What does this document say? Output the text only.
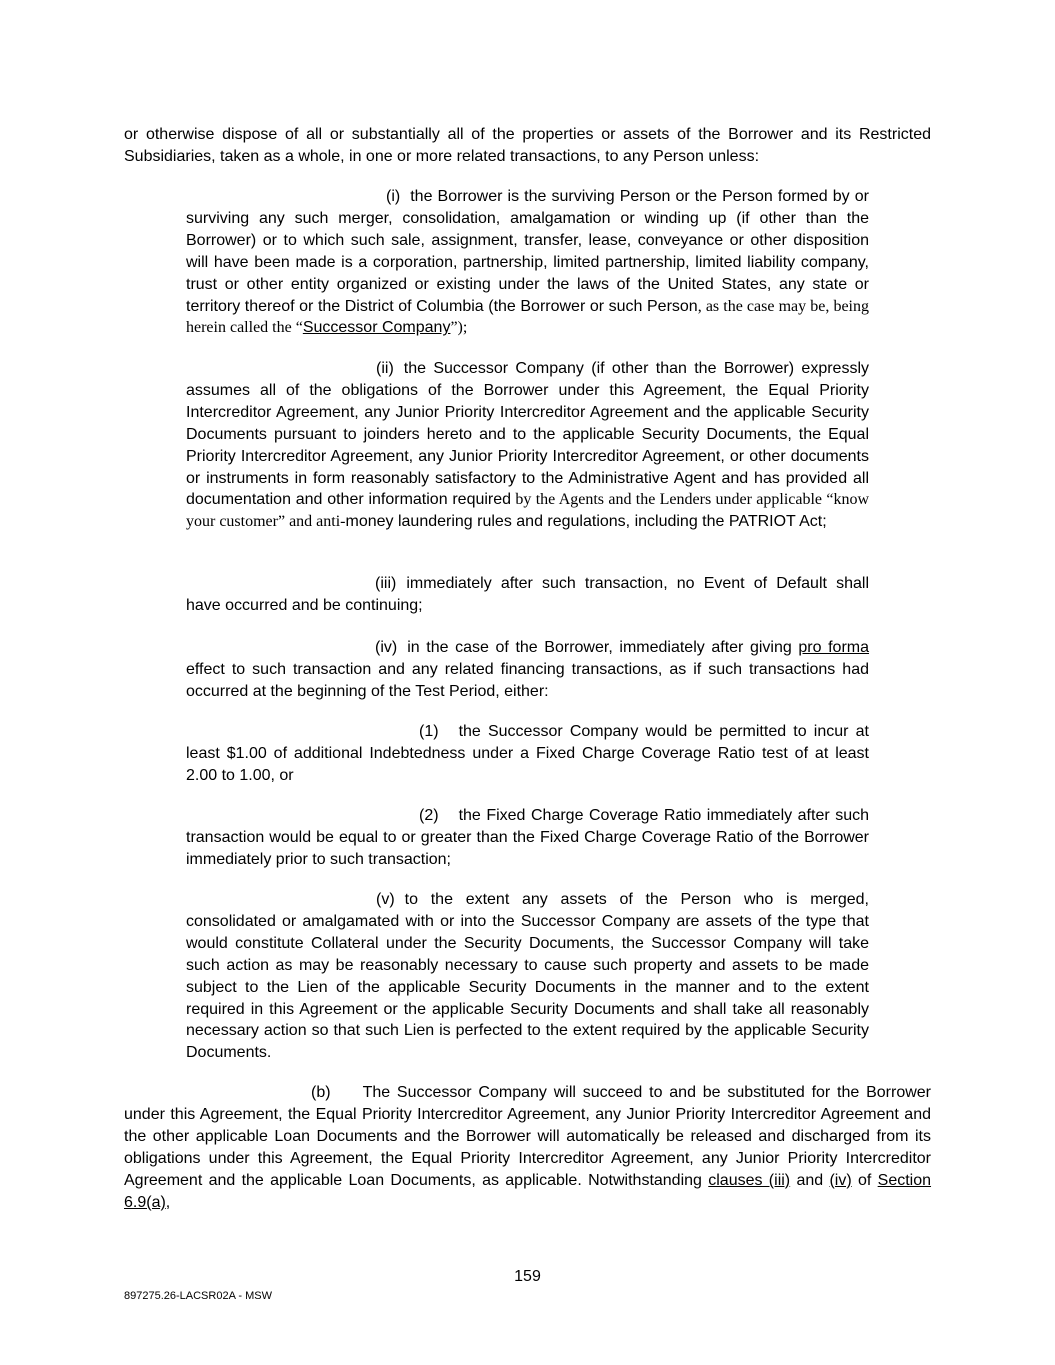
or otherwise dispose of all or substantially all of the properties or assets of the Borrower and its Restricted Subsidiaries, taken as a whole, in one or more related transactions, to any Person unless:

(i) the Borrower is the surviving Person or the Person formed by or surviving any such merger, consolidation, amalgamation or winding up (if other than the Borrower) or to which such sale, assignment, transfer, lease, conveyance or other disposition will have been made is a corporation, partnership, limited partnership, limited liability company, trust or other entity organized or existing under the laws of the United States, any state or territory thereof or the District of Columbia (the Borrower or such Person, as the case may be, being herein called the “Successor Company”);

(ii) the Successor Company (if other than the Borrower) expressly assumes all of the obligations of the Borrower under this Agreement, the Equal Priority Intercreditor Agreement, any Junior Priority Intercreditor Agreement and the applicable Security Documents pursuant to joinders hereto and to the applicable Security Documents, the Equal Priority Intercreditor Agreement, any Junior Priority Intercreditor Agreement, or other documents or instruments in form reasonably satisfactory to the Administrative Agent and has provided all documentation and other information required by the Agents and the Lenders under applicable “know your customer” and anti-money laundering rules and regulations, including the PATRIOT Act;

(iii) immediately after such transaction, no Event of Default shall have occurred and be continuing;

(iv) in the case of the Borrower, immediately after giving pro forma effect to such transaction and any related financing transactions, as if such transactions had occurred at the beginning of the Test Period, either:

(1) the Successor Company would be permitted to incur at least $1.00 of additional Indebtedness under a Fixed Charge Coverage Ratio test of at least 2.00 to 1.00, or

(2) the Fixed Charge Coverage Ratio immediately after such transaction would be equal to or greater than the Fixed Charge Coverage Ratio of the Borrower immediately prior to such transaction;

(v) to the extent any assets of the Person who is merged, consolidated or amalgamated with or into the Successor Company are assets of the type that would constitute Collateral under the Security Documents, the Successor Company will take such action as may be reasonably necessary to cause such property and assets to be made subject to the Lien of the applicable Security Documents in the manner and to the extent required in this Agreement or the applicable Security Documents and shall take all reasonably necessary action so that such Lien is perfected to the extent required by the applicable Security Documents.

(b) The Successor Company will succeed to and be substituted for the Borrower under this Agreement, the Equal Priority Intercreditor Agreement, any Junior Priority Intercreditor Agreement and the other applicable Loan Documents and the Borrower will automatically be released and discharged from its obligations under this Agreement, the Equal Priority Intercreditor Agreement, any Junior Priority Intercreditor Agreement and the applicable Loan Documents, as applicable. Notwithstanding clauses (iii) and (iv) of Section 6.9(a),

159
897275.26-LACSR02A - MSW
